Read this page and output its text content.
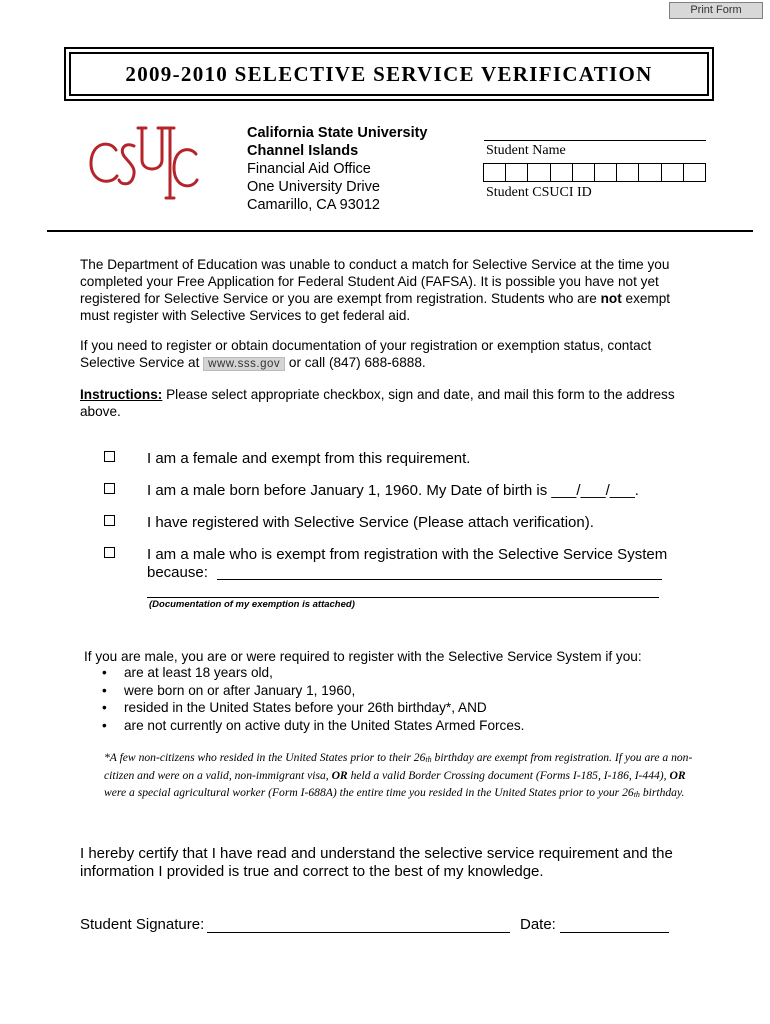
Print Form
2009-2010 SELECTIVE SERVICE VERIFICATION
California State University
Channel Islands
Financial Aid Office
One University Drive
Camarillo, CA 93012
Student Name
Student CSUCI ID
The Department of Education was unable to conduct a match for Selective Service at the time you completed your Free Application for Federal Student Aid (FAFSA). It is possible you have not yet registered for Selective Service or you are exempt from registration. Students who are not exempt must register with Selective Services to get federal aid.
If you need to register or obtain documentation of your registration or exemption status, contact Selective Service at www.sss.gov or call (847) 688-6888.
Instructions: Please select appropriate checkbox, sign and date, and mail this form to the address above.
I am a female and exempt from this requirement.
I am a male born before January 1, 1960. My Date of birth is ___/___/___.
I have registered with Selective Service (Please attach verification).
I am a male who is exempt from registration with the Selective Service System
because:
(Documentation of my exemption is attached)
If you are male, you are or were required to register with the Selective Service System if you:
• are at least 18 years old,
• were born on or after January 1, 1960,
• resided in the United States before your 26th birthday*, AND
• are not currently on active duty in the United States Armed Forces.
*A few non-citizens who resided in the United States prior to their $26_{th}$ birthday are exempt from registration. If you are a non-citizen and were on a valid, non-immigrant visa, OR held a valid Border Crossing document (Forms I-185, I-186, I-444), OR were a special agricultural worker (Form I-688A) the entire time you resided in the United States prior to your $26_{th}$ birthday.
I hereby certify that I have read and understand the selective service requirement and the information I provided is true and correct to the best of my knowledge.
Student Signature:	Date:
